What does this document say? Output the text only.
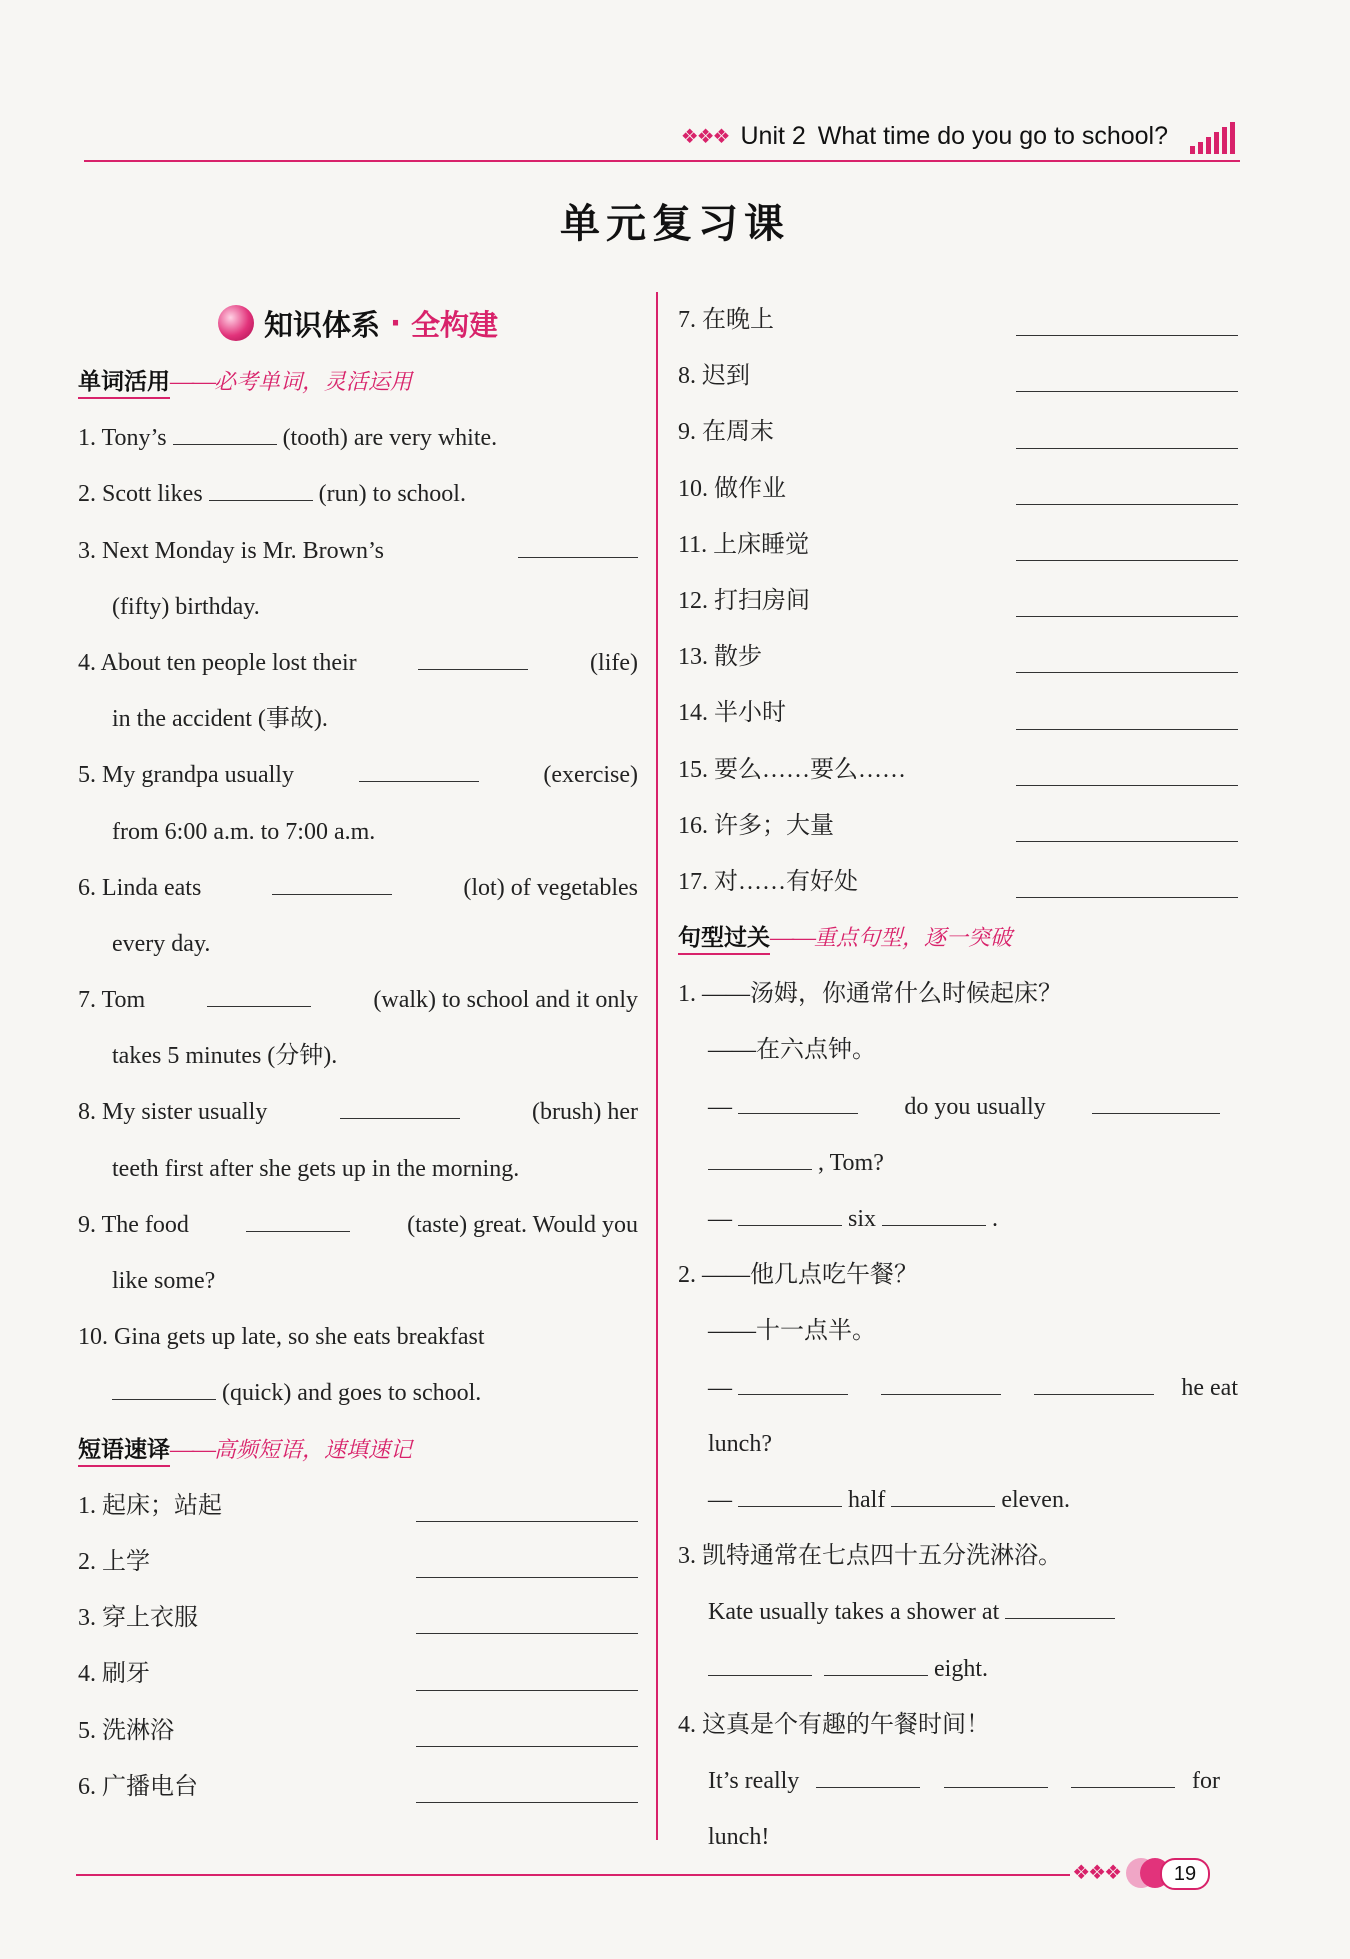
❖❖❖ Unit 2 What time do you go to school?
单元复习课
知识体系 · 全构建
单词活用——必考单词，灵活运用
1. Tony’s	(tooth) are very white.
2. Scott likes	(run) to school.
3. Next Monday is Mr. Brown’s
(fifty) birthday.
4. About ten people lost their	(life)
in the accident (事故).
5. My grandpa usually	(exercise)
from 6:00 a.m. to 7:00 a.m.
6. Linda eats	(lot) of vegetables
every day.
7. Tom	(walk) to school and it only
takes 5 minutes (分钟).
8. My sister usually	(brush) her
teeth first after she gets up in the morning.
9. The food	(taste) great. Would you
like some?
10. Gina gets up late, so she eats breakfast
(quick) and goes to school.
短语速译——高频短语，速填速记
1. 起床；站起
2. 上学
3. 穿上衣服
4. 刷牙
5. 洗淋浴
6. 广播电台
7. 在晚上
8. 迟到
9. 在周末
10. 做作业
11. 上床睡觉
12. 打扫房间
13. 散步
14. 半小时
15. 要么……要么……
16. 许多；大量
17. 对……有好处
句型过关——重点句型，逐一突破
1. ——汤姆，你通常什么时候起床？
——在六点钟。
—	do you usually
, Tom?
—	six	.
2. ——他几点吃午餐？
——十一点半。
—	he eat
lunch?
—	half	eleven.
3. 凯特通常在七点四十五分洗淋浴。
Kate usually takes a shower at
eight.
4. 这真是个有趣的午餐时间！
It’s really	for
lunch!
❖❖❖	19
